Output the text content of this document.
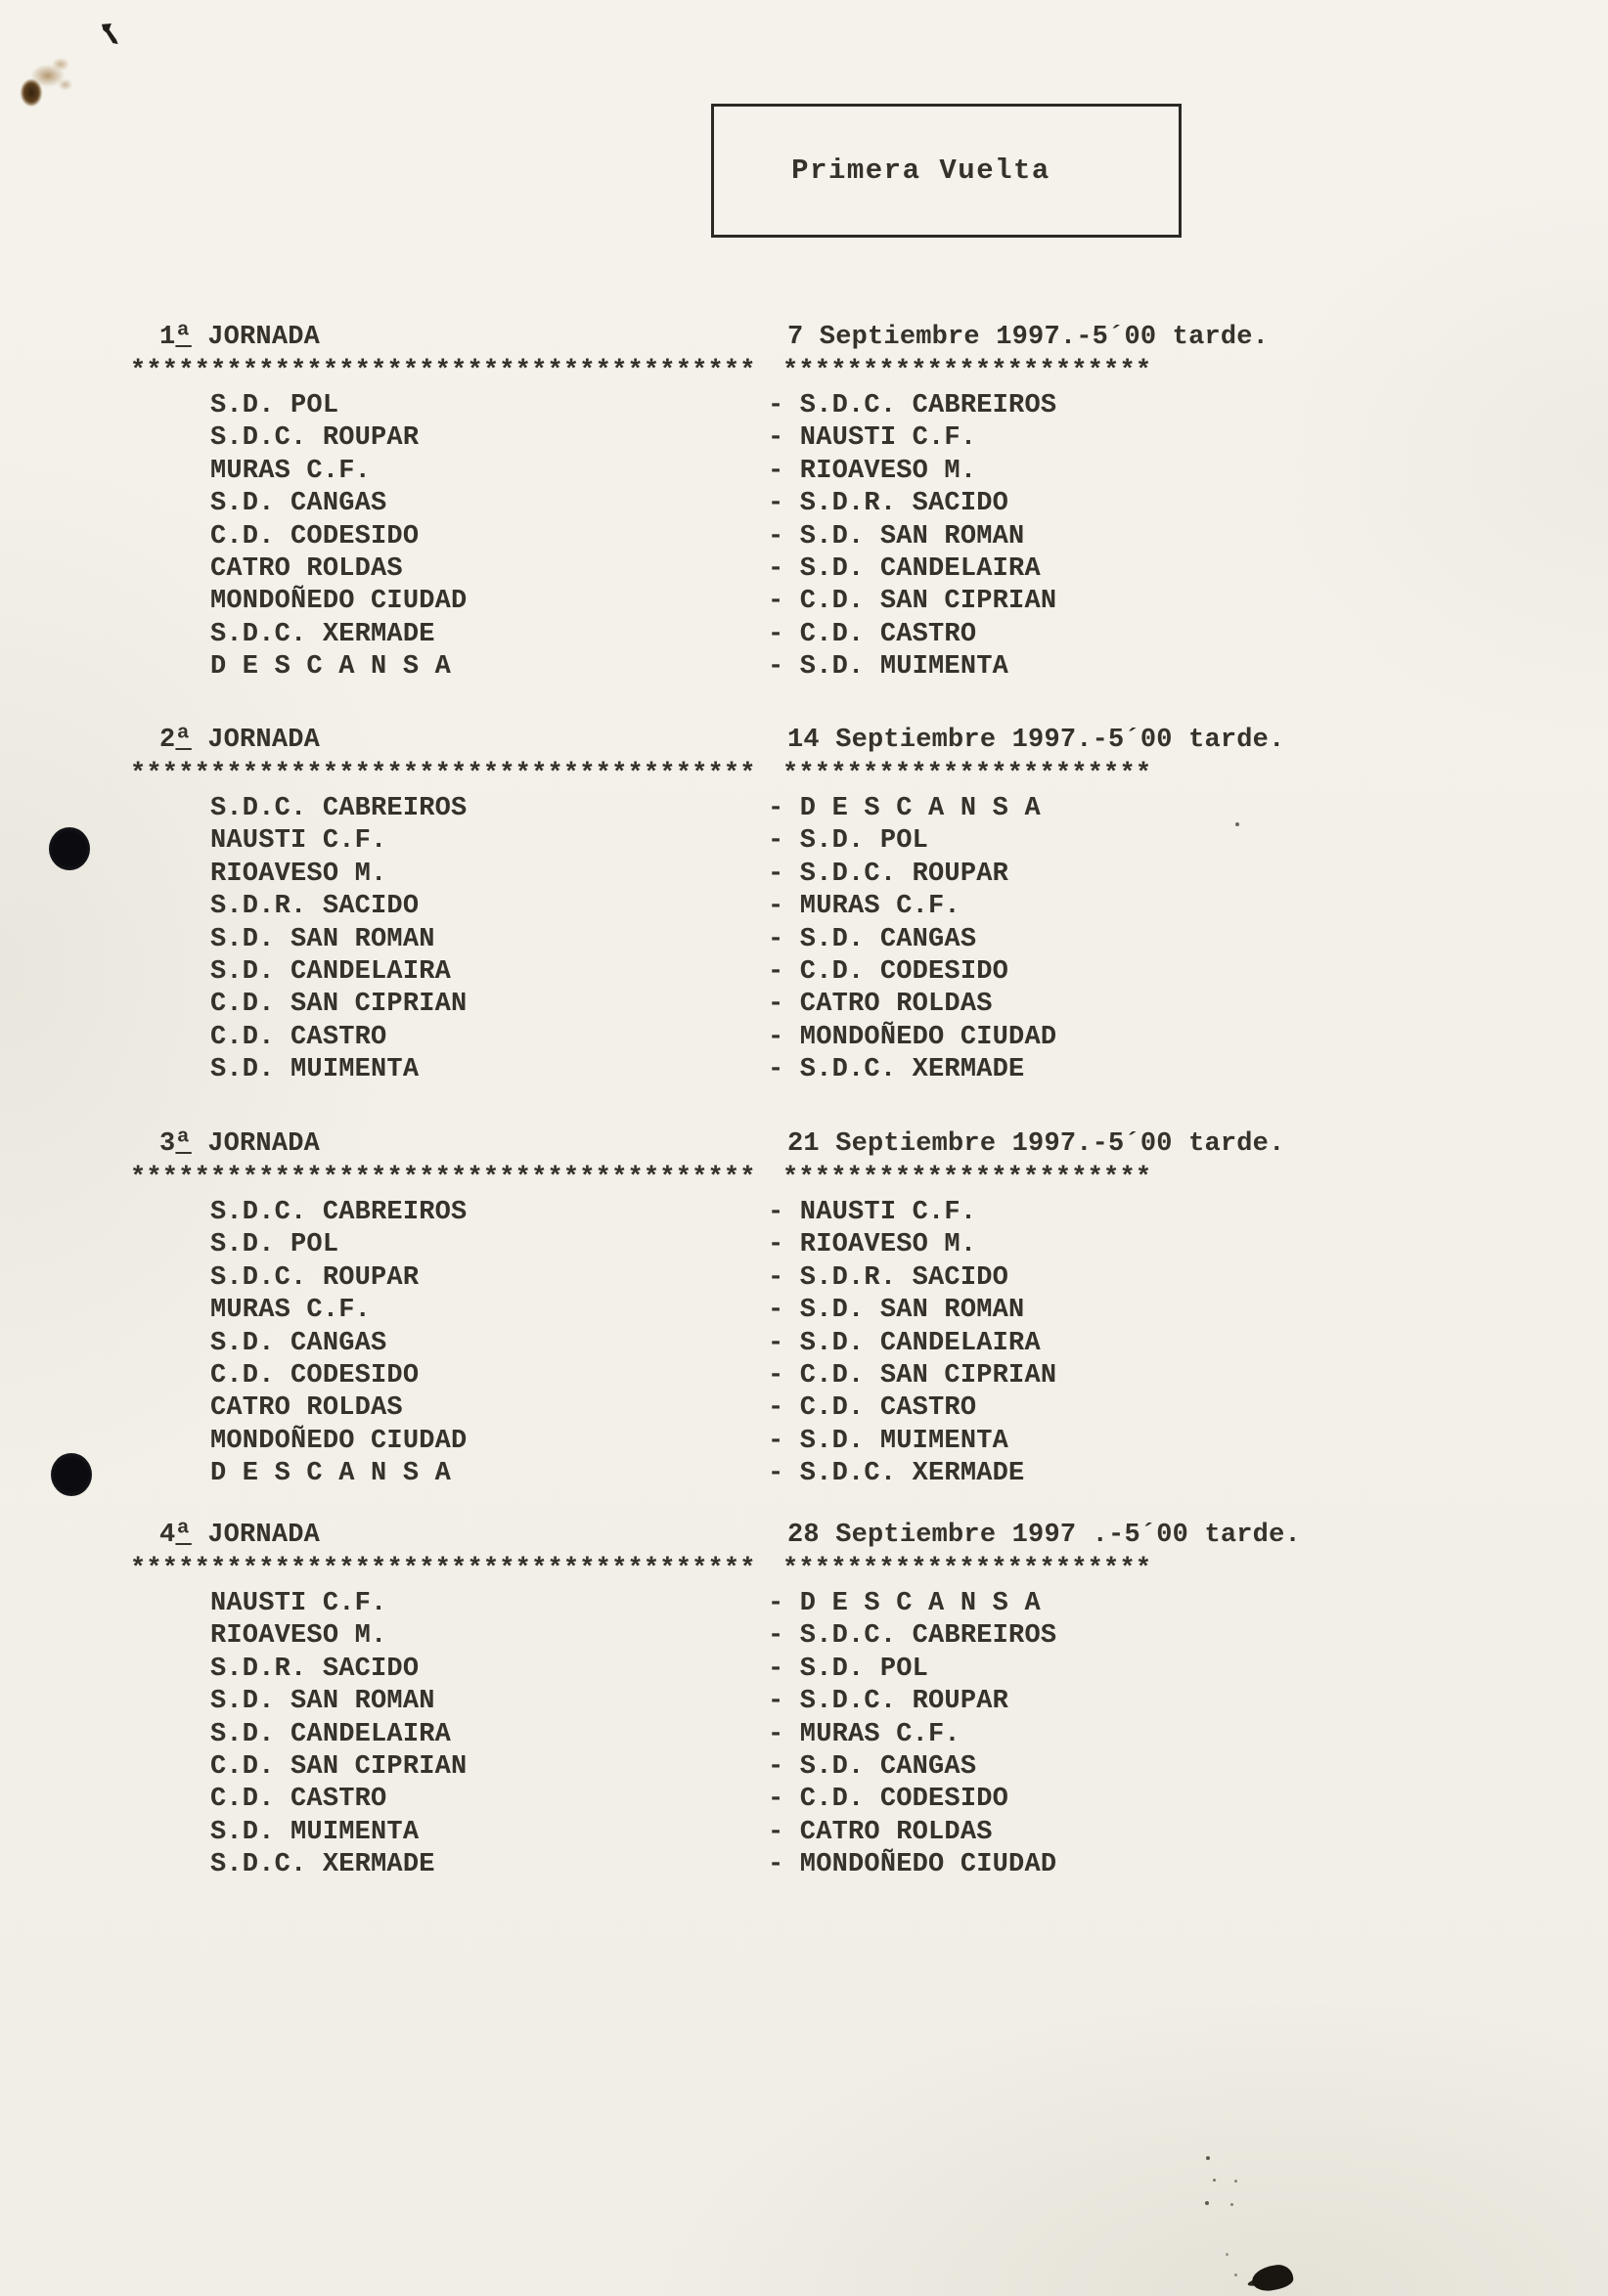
Primera Vuelta
1ª JORNADA	7 Septiembre 1997.-5´00 tarde.
*************************************** ***********************
S.D. POL	- S.D.C. CABREIROS
S.D.C. ROUPAR	- NAUSTI C.F.
MURAS C.F.	- RIOAVESO M.
S.D. CANGAS	- S.D.R. SACIDO
C.D. CODESIDO	- S.D. SAN ROMAN
CATRO ROLDAS	- S.D. CANDELAIRA
MONDOÑEDO CIUDAD	- C.D. SAN CIPRIAN
S.D.C. XERMADE	- C.D. CASTRO
D E S C A N S A	- S.D. MUIMENTA
2ª JORNADA	14 Septiembre 1997.-5´00 tarde.
*************************************** ***********************
S.D.C. CABREIROS	- D E S C A N S A
NAUSTI C.F.	- S.D. POL
RIOAVESO M.	- S.D.C. ROUPAR
S.D.R. SACIDO	- MURAS C.F.
S.D. SAN ROMAN	- S.D. CANGAS
S.D. CANDELAIRA	- C.D. CODESIDO
C.D. SAN CIPRIAN	- CATRO ROLDAS
C.D. CASTRO	- MONDOÑEDO CIUDAD
S.D. MUIMENTA	- S.D.C. XERMADE
3ª JORNADA	21 Septiembre 1997.-5´00 tarde.
*************************************** ***********************
S.D.C. CABREIROS	- NAUSTI C.F.
S.D. POL	- RIOAVESO M.
S.D.C. ROUPAR	- S.D.R. SACIDO
MURAS C.F.	- S.D. SAN ROMAN
S.D. CANGAS	- S.D. CANDELAIRA
C.D. CODESIDO	- C.D. SAN CIPRIAN
CATRO ROLDAS	- C.D. CASTRO
MONDOÑEDO CIUDAD	- S.D. MUIMENTA
D E S C A N S A	- S.D.C. XERMADE
4ª JORNADA	28 Septiembre 1997 .-5´00 tarde.
*************************************** ***********************
NAUSTI C.F.	- D E S C A N S A
RIOAVESO M.	- S.D.C. CABREIROS
S.D.R. SACIDO	- S.D. POL
S.D. SAN ROMAN	- S.D.C. ROUPAR
S.D. CANDELAIRA	- MURAS C.F.
C.D. SAN CIPRIAN	- S.D. CANGAS
C.D. CASTRO	- C.D. CODESIDO
S.D. MUIMENTA	- CATRO ROLDAS
S.D.C. XERMADE	- MONDOÑEDO CIUDAD
